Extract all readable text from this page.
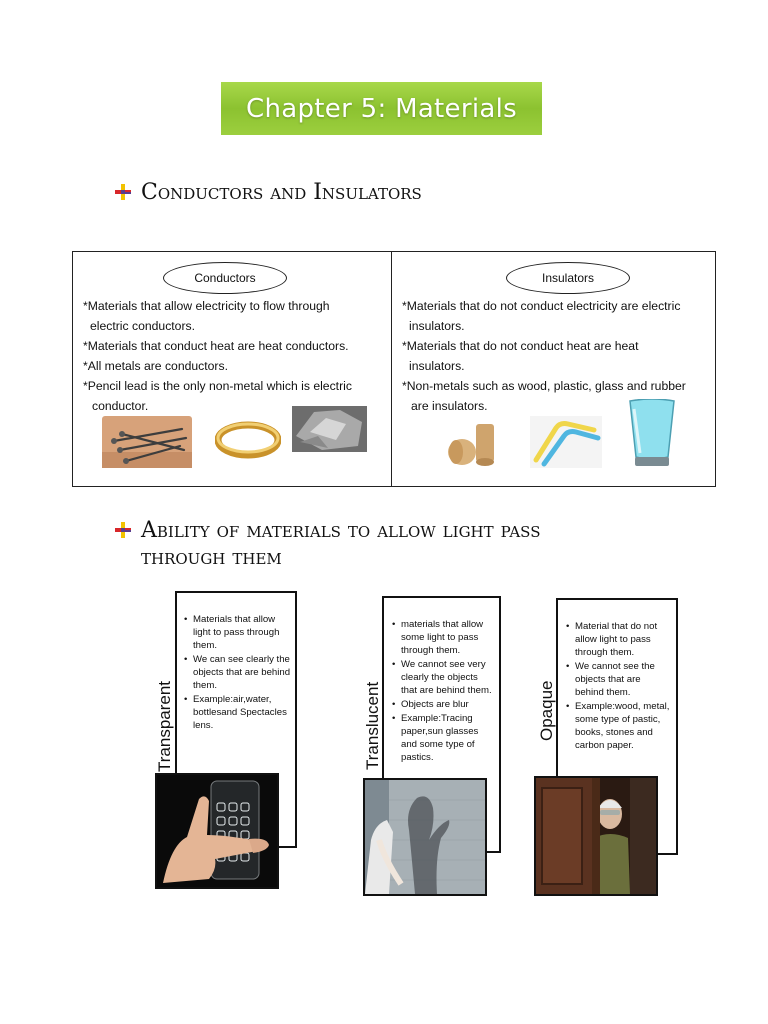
Chapter 5: Materials
Conductors and Insulators
Conductors
*Materials that allow electricity to flow through
electric conductors.
*Materials that conduct heat are heat conductors.
*All metals are conductors.
*Pencil lead is the only non-metal which is electric
conductor.
Insulators
*Materials that do not conduct electricity are electric
insulators.
*Materials that do not conduct heat are heat
insulators.
*Non-metals such as wood, plastic, glass and rubber
are insulators.
Ability of materials to allow light pass
through them
• Materials that allow light to pass through them.
• We can see clearly the objects that are behind them.
• Example:air,water, bottlesand Spectacles lens.
Transparent
• materials that allow some light to pass through them.
• We cannot see very clearly the objects that are behind them.
• Objects are blur
• Example:Tracing paper,sun glasses and some type of pastics.
Translucent
• Material that do not allow light to pass through them.
• We cannot see the objects that are behind them.
• Example:wood, metal, some type of pastic, books, stones and carbon paper.
Opaque
